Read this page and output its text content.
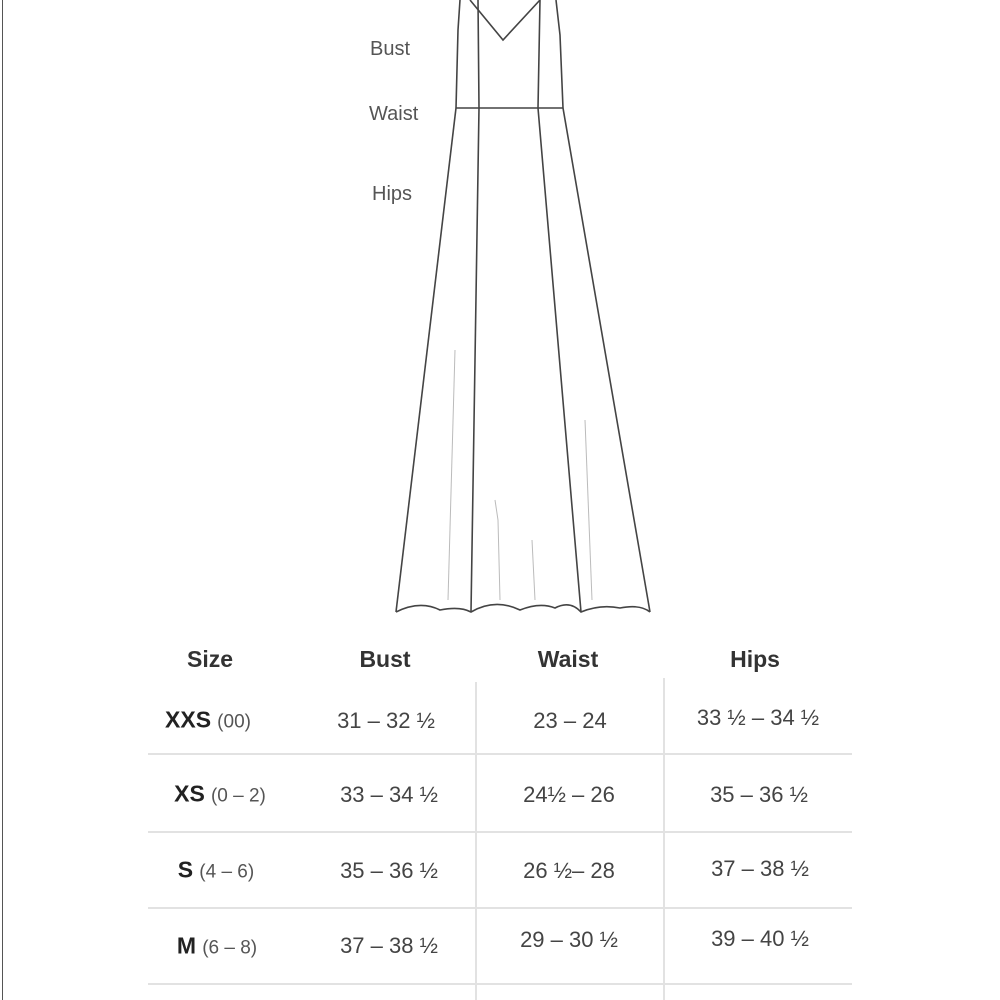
Bust
Waist
Hips
Size	Bust	Waist	Hips
XXS (00)	31 – 32 ½	23 – 24	33 ½ – 34 ½
XS (0 – 2)	33 – 34 ½	24½ – 26	35 – 36 ½
S (4 – 6)	35 – 36 ½	26 ½– 28	37 – 38 ½
M (6 – 8)	37 – 38 ½	29 – 30 ½	39 – 40 ½
